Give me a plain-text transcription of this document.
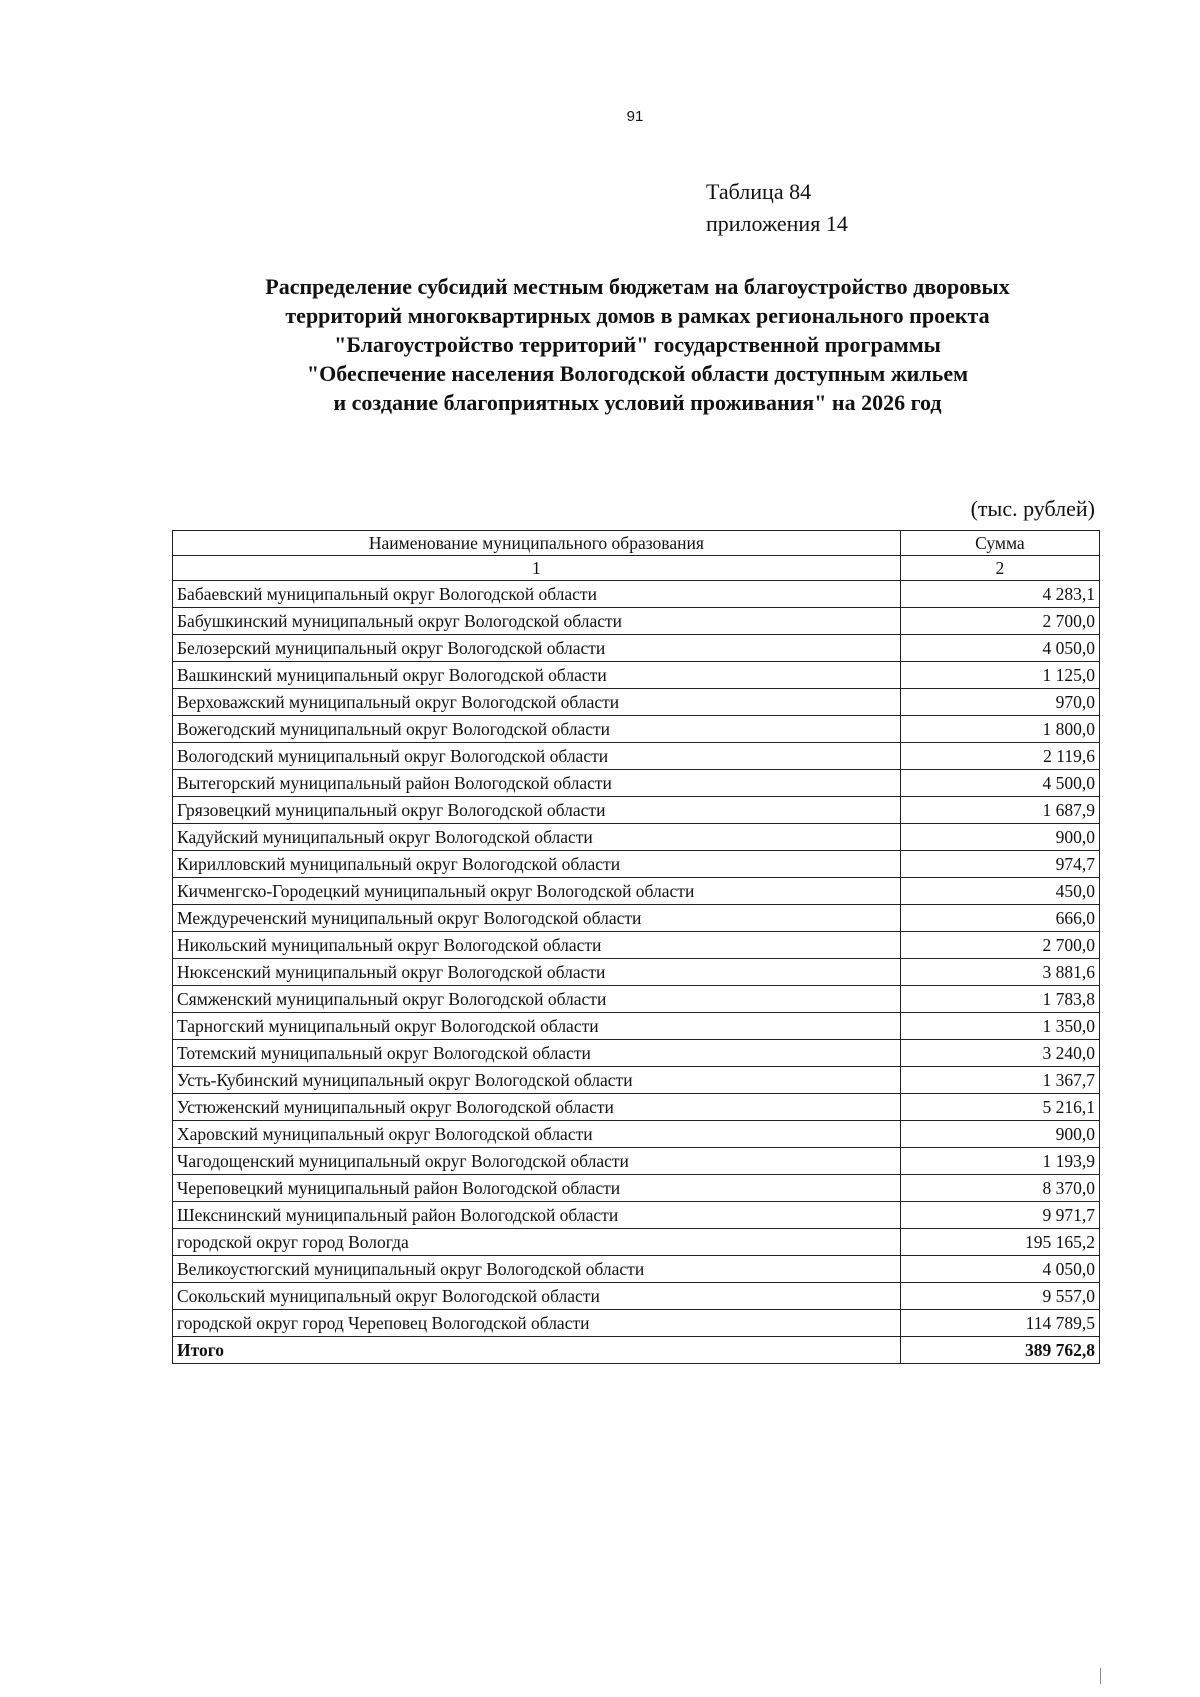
91
Таблица 84
приложения 14
Распределение субсидий местным бюджетам на благоустройство дворовых
территорий многоквартирных домов в рамках регионального проекта
"Благоустройство территорий" государственной программы
"Обеспечение населения Вологодской области доступным жильем
и создание благоприятных условий проживания" на 2026 год
(тыс. рублей)
Наименование муниципального образования	Сумма
1	2
Бабаевский муниципальный округ Вологодской области	4 283,1
Бабушкинский муниципальный округ Вологодской области	2 700,0
Белозерский муниципальный округ Вологодской области	4 050,0
Вашкинский муниципальный округ Вологодской области	1 125,0
Верховажский муниципальный округ Вологодской области	970,0
Вожегодский муниципальный округ Вологодской области	1 800,0
Вологодский муниципальный округ Вологодской области	2 119,6
Вытегорский муниципальный район Вологодской области	4 500,0
Грязовецкий муниципальный округ Вологодской области	1 687,9
Кадуйский муниципальный округ Вологодской области	900,0
Кирилловский муниципальный округ Вологодской области	974,7
Кичменгско-Городецкий муниципальный округ Вологодской области	450,0
Междуреченский муниципальный округ Вологодской области	666,0
Никольский муниципальный округ Вологодской области	2 700,0
Нюксенский муниципальный округ Вологодской области	3 881,6
Сямженский муниципальный округ Вологодской области	1 783,8
Тарногский муниципальный округ Вологодской области	1 350,0
Тотемский муниципальный округ Вологодской области	3 240,0
Усть-Кубинский муниципальный округ Вологодской области	1 367,7
Устюженский муниципальный округ Вологодской области	5 216,1
Харовский муниципальный округ Вологодской области	900,0
Чагодощенский муниципальный округ Вологодской области	1 193,9
Череповецкий муниципальный район Вологодской области	8 370,0
Шекснинский муниципальный район Вологодской области	9 971,7
городской округ город Вологда	195 165,2
Великоустюгский муниципальный округ Вологодской области	4 050,0
Сокольский муниципальный округ Вологодской области	9 557,0
городской округ город Череповец Вологодской области	114 789,5
Итого	389 762,8
